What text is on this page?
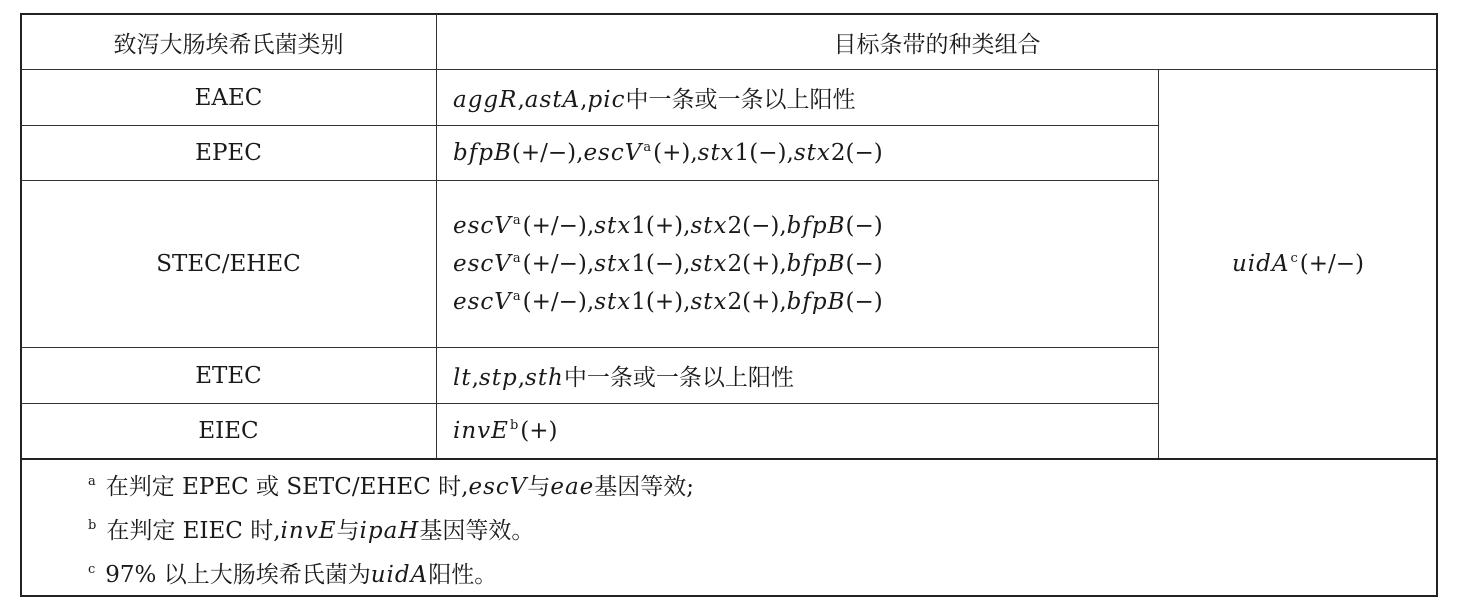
致泻大肠埃希氏菌类别	目标条带的种类组合
EAEC
EPEC
STEC/EHEC
ETEC
EIEC
aggR , astA , pic 中一条或一条以上阳性
bfpB (+/−), escV a (+), stx 1(−), stx 2(−)
escV a (+/−), stx 1(+), stx 2(−), bfpB (−)
escV a (+/−), stx 1(−), stx 2(+), bfpB (−)
escV a (+/−), stx 1(+), stx 2(+), bfpB (−)
lt , stp , sth 中一条或一条以上阳性
invE b (+)
uidA c (+/−)
a 在判定 EPEC 或 SETC/EHEC 时, escV 与 eae 基因等效;
b 在判定 EIEC 时, invE 与 ipaH 基因等效。
c 97% 以上大肠埃希氏菌为 uidA 阳性。
